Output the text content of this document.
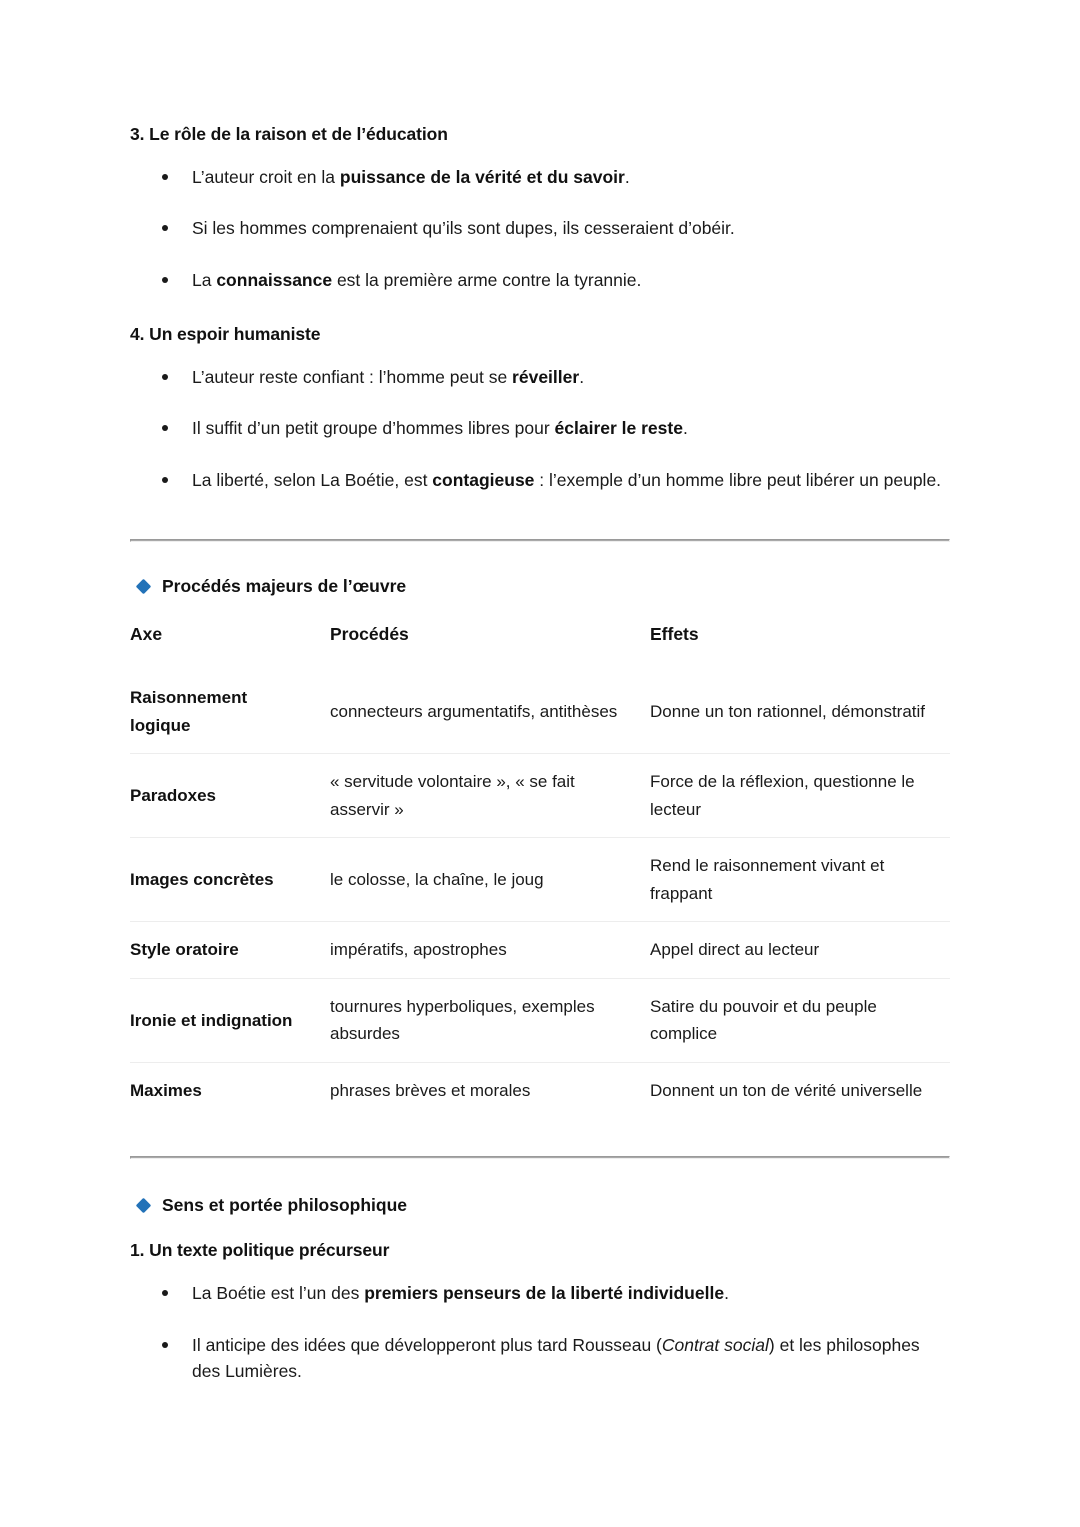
3. Le rôle de la raison et de l’éducation
L’auteur croit en la puissance de la vérité et du savoir.
Si les hommes comprenaient qu’ils sont dupes, ils cesseraient d’obéir.
La connaissance est la première arme contre la tyrannie.
4. Un espoir humaniste
L’auteur reste confiant : l’homme peut se réveiller.
Il suffit d’un petit groupe d’hommes libres pour éclairer le reste.
La liberté, selon La Boétie, est contagieuse : l’exemple d’un homme libre peut libérer un peuple.
Procédés majeurs de l’œuvre
Axe	Procédés	Effets
Raisonnement logique	connecteurs argumentatifs, antithèses	Donne un ton rationnel, démonstratif
Paradoxes	« servitude volontaire », « se fait asservir »	Force de la réflexion, questionne le lecteur
Images concrètes	le colosse, la chaîne, le joug	Rend le raisonnement vivant et frappant
Style oratoire	impératifs, apostrophes	Appel direct au lecteur
Ironie et indignation	tournures hyperboliques, exemples absurdes	Satire du pouvoir et du peuple complice
Maximes	phrases brèves et morales	Donnent un ton de vérité universelle
Sens et portée philosophique
1. Un texte politique précurseur
La Boétie est l’un des premiers penseurs de la liberté individuelle.
Il anticipe des idées que développeront plus tard Rousseau (Contrat social) et les philosophes des Lumières.
